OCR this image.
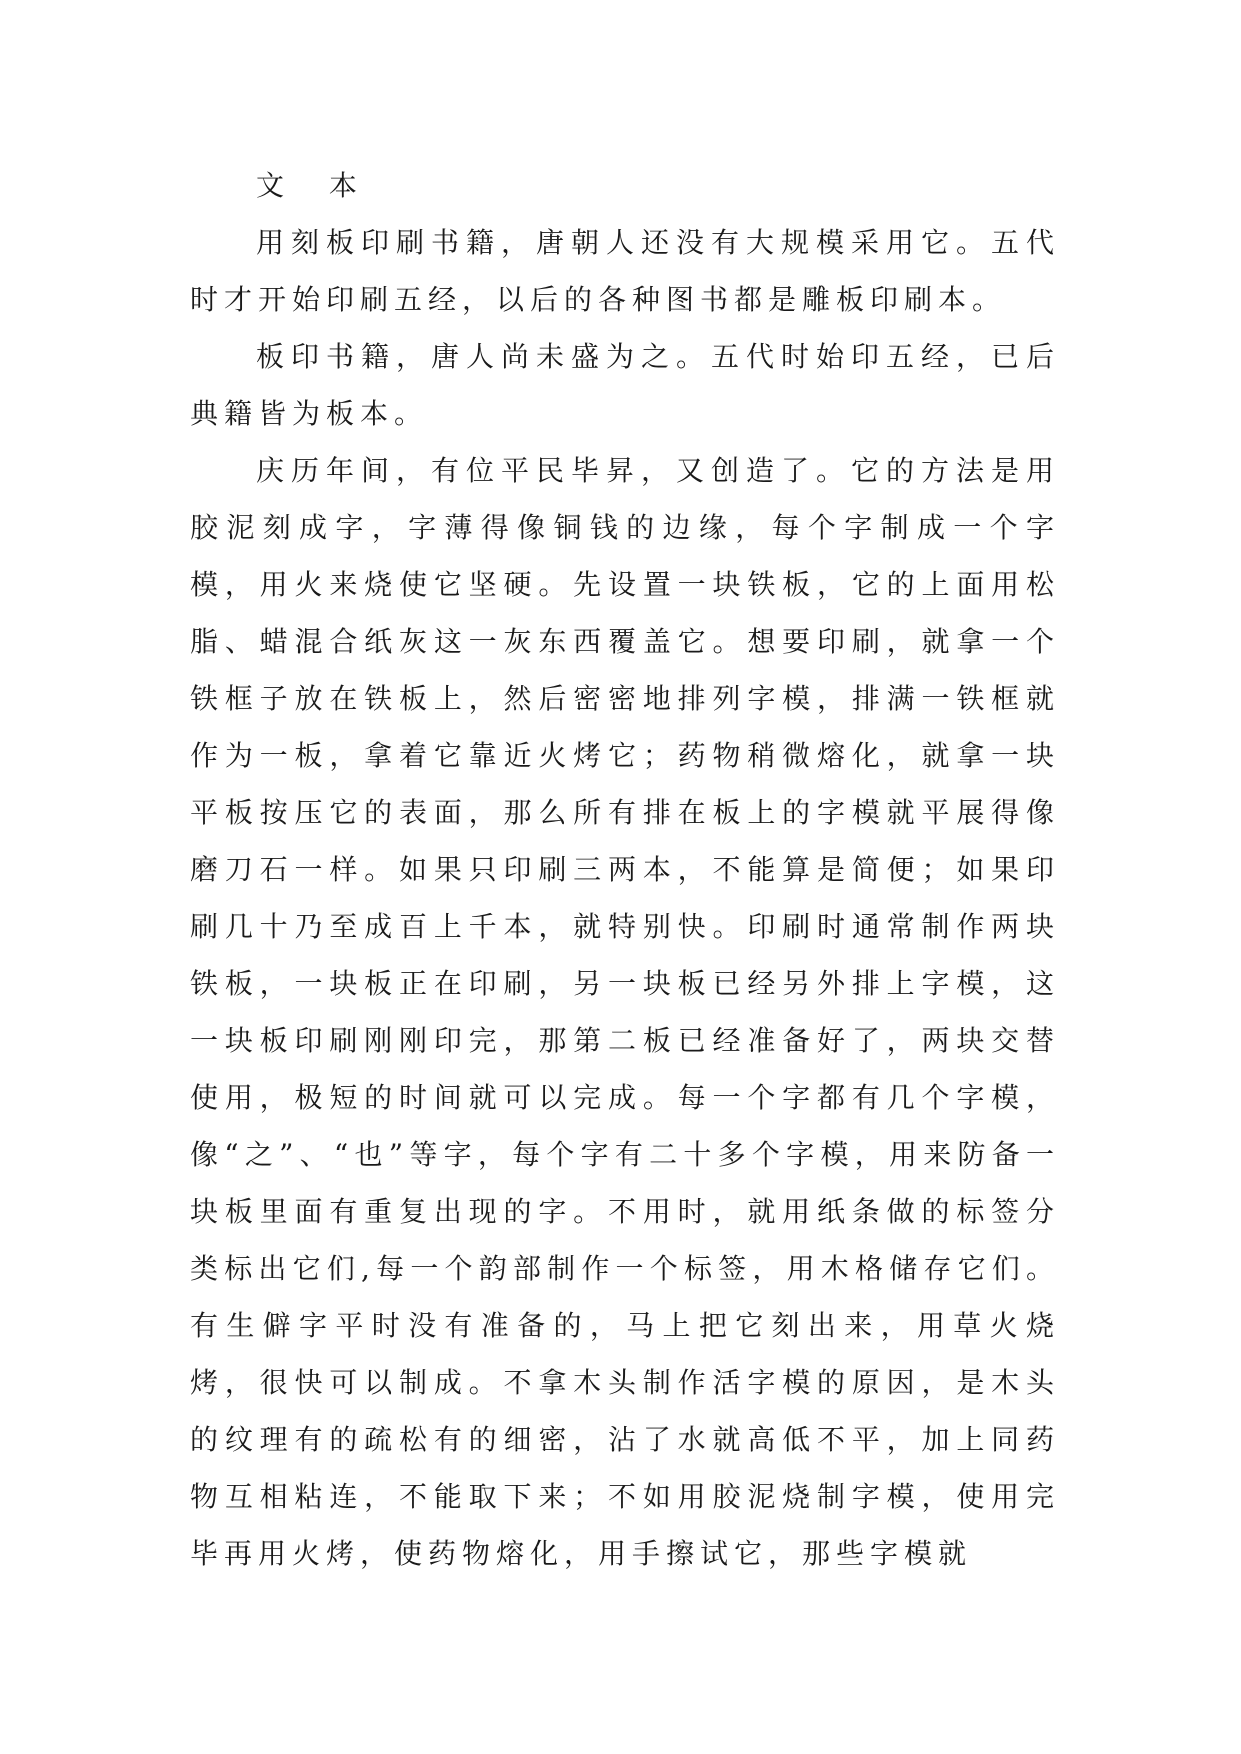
文 本

用刻板印刷书籍，唐朝人还没有大规模采用它。五代时才开始印刷五经，以后的各种图书都是雕板印刷本。

板印书籍，唐人尚未盛为之。五代时始印五经，已后典籍皆为板本。

庆历年间，有位平民毕昇，又创造了。它的方法是用胶泥刻成字，字薄得像铜钱的边缘，每个字制成一个字模，用火来烧使它坚硬。先设置一块铁板，它的上面用松脂、蜡混合纸灰这一灰东西覆盖它。想要印刷，就拿一个铁框子放在铁板上，然后密密地排列字模，排满一铁框就作为一板，拿着它靠近火烤它；药物稍微熔化，就拿一块平板按压它的表面，那么所有排在板上的字模就平展得像磨刀石一样。如果只印刷三两本，不能算是简便；如果印刷几十乃至成百上千本，就特别快。印刷时通常制作两块铁板，一块板正在印刷，另一块板已经另外排上字模，这一块板印刷刚刚印完，那第二板已经准备好了，两块交替使用，极短的时间就可以完成。每一个字都有几个字模，像“之”、“也”等字，每个字有二十多个字模，用来防备一块板里面有重复出现的字。不用时，就用纸条做的标签分类标出它们,每一个韵部制作一个标签，用木格储存它们。有生僻字平时没有准备的，马上把它刻出来，用草火烧烤，很快可以制成。不拿木头制作活字模的原因，是木头的纹理有的疏松有的细密，沾了水就高低不平，加上同药物互相粘连，不能取下来；不如用胶泥烧制字模，使用完毕再用火烤，使药物熔化，用手擦试它，那些字模就
